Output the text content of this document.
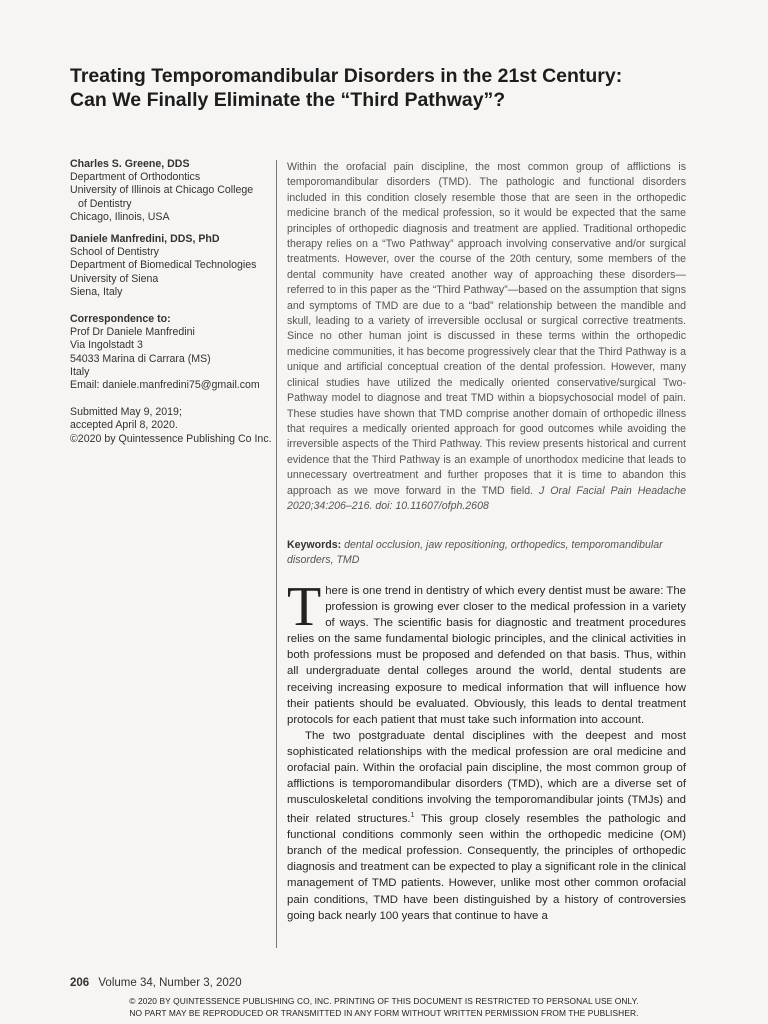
Treating Temporomandibular Disorders in the 21st Century:
Can We Finally Eliminate the “Third Pathway”?
Charles S. Greene, DDS
Department of Orthodontics
University of Illinois at Chicago College
of Dentistry
Chicago, Ilinois, USA
Daniele Manfredini, DDS, PhD
School of Dentistry
Department of Biomedical Technologies
University of Siena
Siena, Italy
Correspondence to:
Prof Dr Daniele Manfredini
Via Ingolstadt 3
54033 Marina di Carrara (MS)
Italy
Email: daniele.manfredini75@gmail.com
Submitted May 9, 2019;
accepted April 8, 2020.
©2020 by Quintessence Publishing Co Inc.
Within the orofacial pain discipline, the most common group of afflictions is temporomandibular disorders (TMD). The pathologic and functional disorders included in this condition closely resemble those that are seen in the orthopedic medicine branch of the medical profession, so it would be expected that the same principles of orthopedic diagnosis and treatment are applied. Traditional orthopedic therapy relies on a “Two Pathway” approach involving conservative and/or surgical treatments. However, over the course of the 20th century, some members of the dental community have created another way of approaching these disorders—referred to in this paper as the “Third Pathway”—based on the assumption that signs and symptoms of TMD are due to a “bad” relationship between the mandible and skull, leading to a variety of irreversible occlusal or surgical corrective treatments. Since no other human joint is discussed in these terms within the orthopedic medicine communities, it has become progressively clear that the Third Pathway is a unique and artificial conceptual creation of the dental profession. However, many clinical studies have utilized the medically oriented conservative/surgical Two-Pathway model to diagnose and treat TMD within a biopsychosocial model of pain. These studies have shown that TMD comprise another domain of orthopedic illness that requires a medically oriented approach for good outcomes while avoiding the irreversible aspects of the Third Pathway. This review presents historical and current evidence that the Third Pathway is an example of unorthodox medicine that leads to unnecessary overtreatment and further proposes that it is time to abandon this approach as we move forward in the TMD field. J Oral Facial Pain Headache 2020;34:206–216. doi: 10.11607/ofph.2608
Keywords: dental occlusion, jaw repositioning, orthopedics, temporomandibular disorders, TMD

There is one trend in dentistry of which every dentist must be aware: The profession is growing ever closer to the medical profession in a variety of ways. The scientific basis for diagnostic and treatment procedures relies on the same fundamental biologic principles, and the clinical activities in both professions must be proposed and defended on that basis. Thus, within all undergraduate dental colleges around the world, dental students are receiving increasing exposure to medical information that will influence how their patients should be evaluated. Obviously, this leads to dental treatment protocols for each patient that must take such information into account.

The two postgraduate dental disciplines with the deepest and most sophisticated relationships with the medical profession are oral medicine and orofacial pain. Within the orofacial pain discipline, the most common group of afflictions is temporomandibular disorders (TMD), which are a diverse set of musculoskeletal conditions involving the temporomandibular joints (TMJs) and their related structures.$^1$ This group closely resembles the pathologic and functional conditions commonly seen within the orthopedic medicine (OM) branch of the medical profession. Consequently, the principles of orthopedic diagnosis and treatment can be expected to play a significant role in the clinical management of TMD patients. However, unlike most other common orofacial pain conditions, TMD have been distinguished by a history of controversies going back nearly 100 years that continue to have a

206 Volume 34, Number 3, 2020
© 2020 BY QUINTESSENCE PUBLISHING CO, INC. PRINTING OF THIS DOCUMENT IS RESTRICTED TO PERSONAL USE ONLY.
NO PART MAY BE REPRODUCED OR TRANSMITTED IN ANY FORM WITHOUT WRITTEN PERMISSION FROM THE PUBLISHER.
